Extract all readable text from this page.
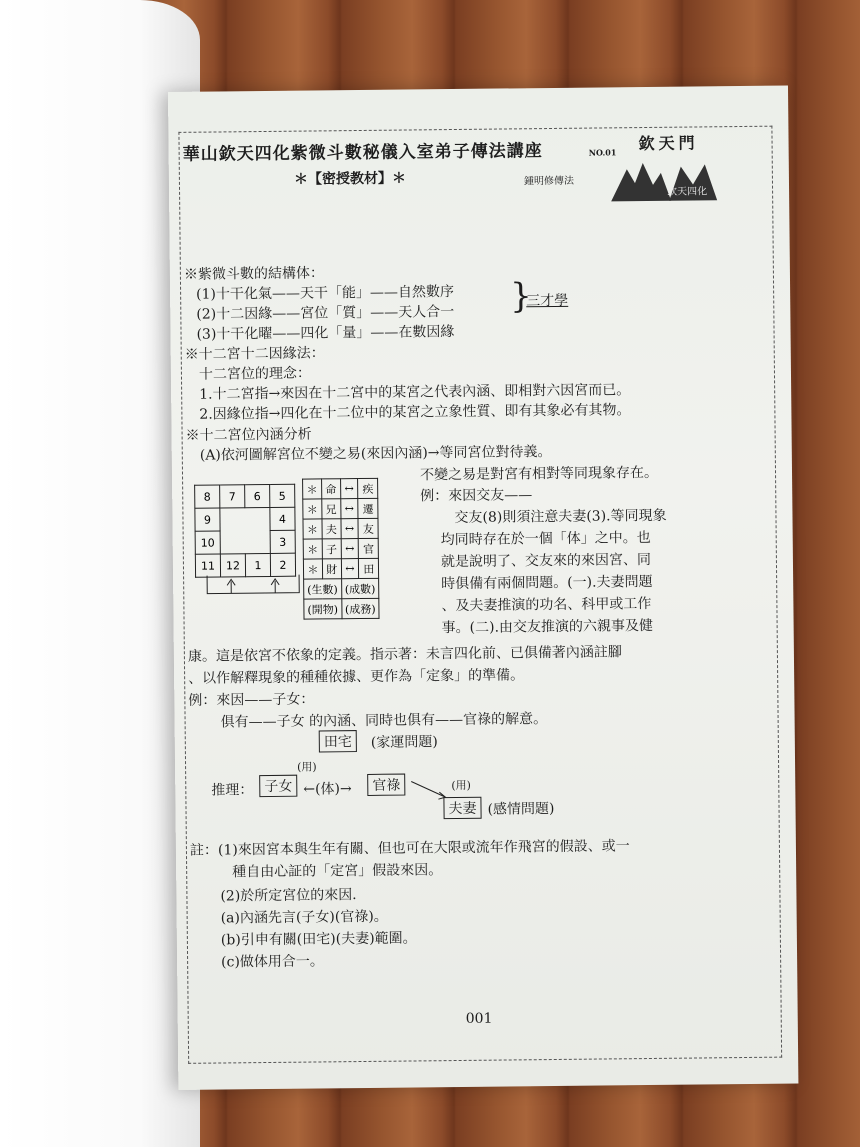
華山欽天四化紫微斗數秘儀入室弟子傳法講座	NO.01 欽天門
欽天四化
＊【密授教材】＊	鍾明修傳法
※紫微斗數的結構体：
(1)十干化氣——天干「能」——自然數序
(2)十二因緣——宮位「質」——天人合一
(3)十干化曜——四化「量」——在數因緣
}
三才學
※十二宮十二因緣法：
十二宮位的理念：
1.十二宮指→來因在十二宮中的某宮之代表內涵、即相對六因宮而已。
2.因緣位指→四化在十二位中的某宮之立象性質、即有其象必有其物。
※十二宮位內涵分析
(A)依河圖解宮位不變之易(來因內涵)→等同宮位對待義。
不變之易是對宮有相對等同現象存在。
例：來因交友——
交友(8)則須注意夫妻(3).等同現象
均同時存在於一個「体」之中。也
就是說明了、交友來的來因宮、同
時俱備有兩個問題。(一).夫妻問題
、及夫妻推演的功名、科甲或工作
事。(二).由交友推演的六親事及健
8	7	6	5
9			4
10			3
11	12	1	2
＊	命	↔	疾
＊	兄	↔	遷
＊	夫	↔	友
＊	子	↔	官
＊	財	↔	田
(生數)		(成數)	
(開物)		(成務)	
康。這是依宮不依象的定義。指示著：未言四化前、已俱備著內涵註腳
、以作解釋現象的種種依據、更作為「定象」的準備。
例：來因——子女：
俱有——子女 的內涵、同時也俱有——官祿的解意。
田宅	(家運問題)
推理： 子女
(用)
←(体)→	官祿	(用)
夫妻 (感情問題)
註：(1)來因宮本與生年有關、但也可在大限或流年作飛宮的假設、或一
種自由心証的「定宮」假設來因。
(2)於所定宮位的來因．
(a)內涵先言(子女)(官祿)。
(b)引申有關(田宅)(夫妻)範圍。
(c)做体用合一。
001
